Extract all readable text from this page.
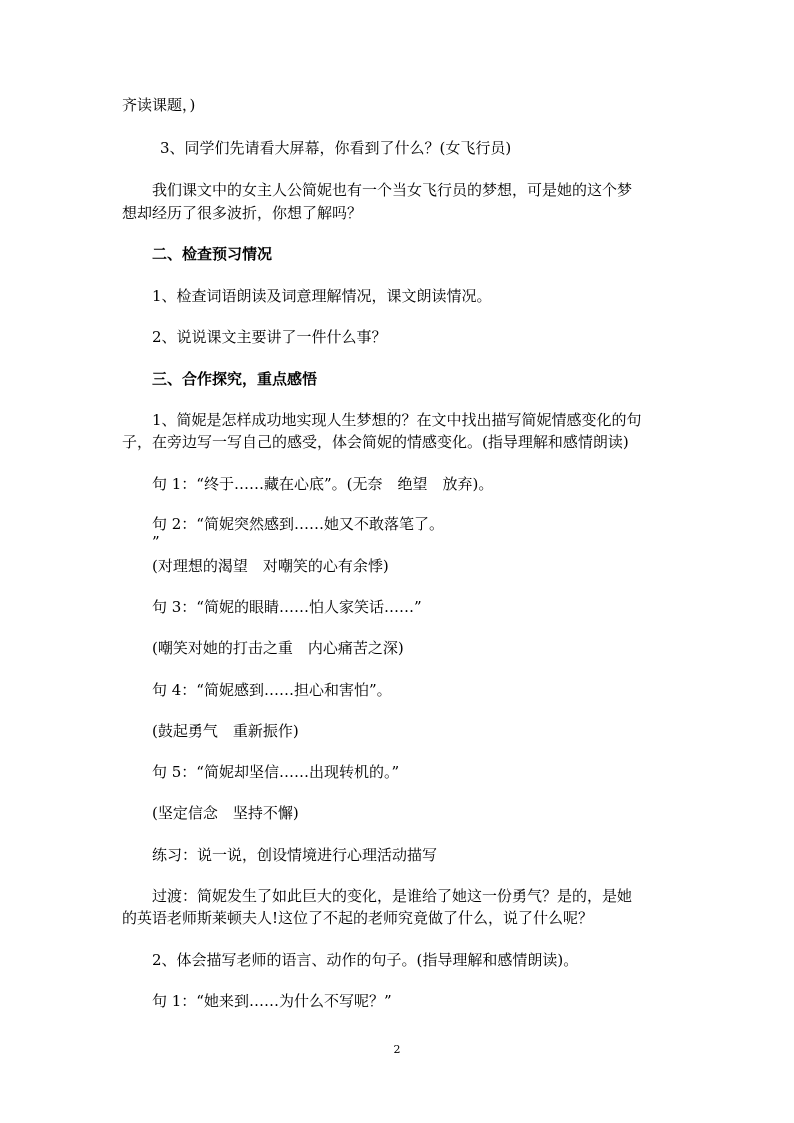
齐读课题，)
3、同学们先请看大屏幕，你看到了什么？(女飞行员)
我们课文中的女主人公简妮也有一个当女飞行员的梦想，可是她的这个梦
想却经历了很多波折，你想了解吗？
二、检查预习情况
1、检查词语朗读及词意理解情况，课文朗读情况。
2、说说课文主要讲了一件什么事？
三、合作探究，重点感悟
1、简妮是怎样成功地实现人生梦想的？在文中找出描写简妮情感变化的句
子，在旁边写一写自己的感受，体会简妮的情感变化。(指导理解和感情朗读)
句 1：“终于……藏在心底”。(无奈　绝望　放弃)。
句 2：“简妮突然感到……她又不敢落笔了。
”
(对理想的渴望　对嘲笑的心有余悸)
句 3：“简妮的眼睛……怕人家笑话……”
(嘲笑对她的打击之重　内心痛苦之深)
句 4：“简妮感到……担心和害怕”。
(鼓起勇气　重新振作)
句 5：“简妮却坚信……出现转机的。”
(坚定信念　坚持不懈)
练习：说一说，创设情境进行心理活动描写
过渡：简妮发生了如此巨大的变化，是谁给了她这一份勇气？是的，是她
的英语老师斯莱顿夫人!这位了不起的老师究竟做了什么，说了什么呢？
2、体会描写老师的语言、动作的句子。(指导理解和感情朗读)。
句 1：“她来到……为什么不写呢？”
2
